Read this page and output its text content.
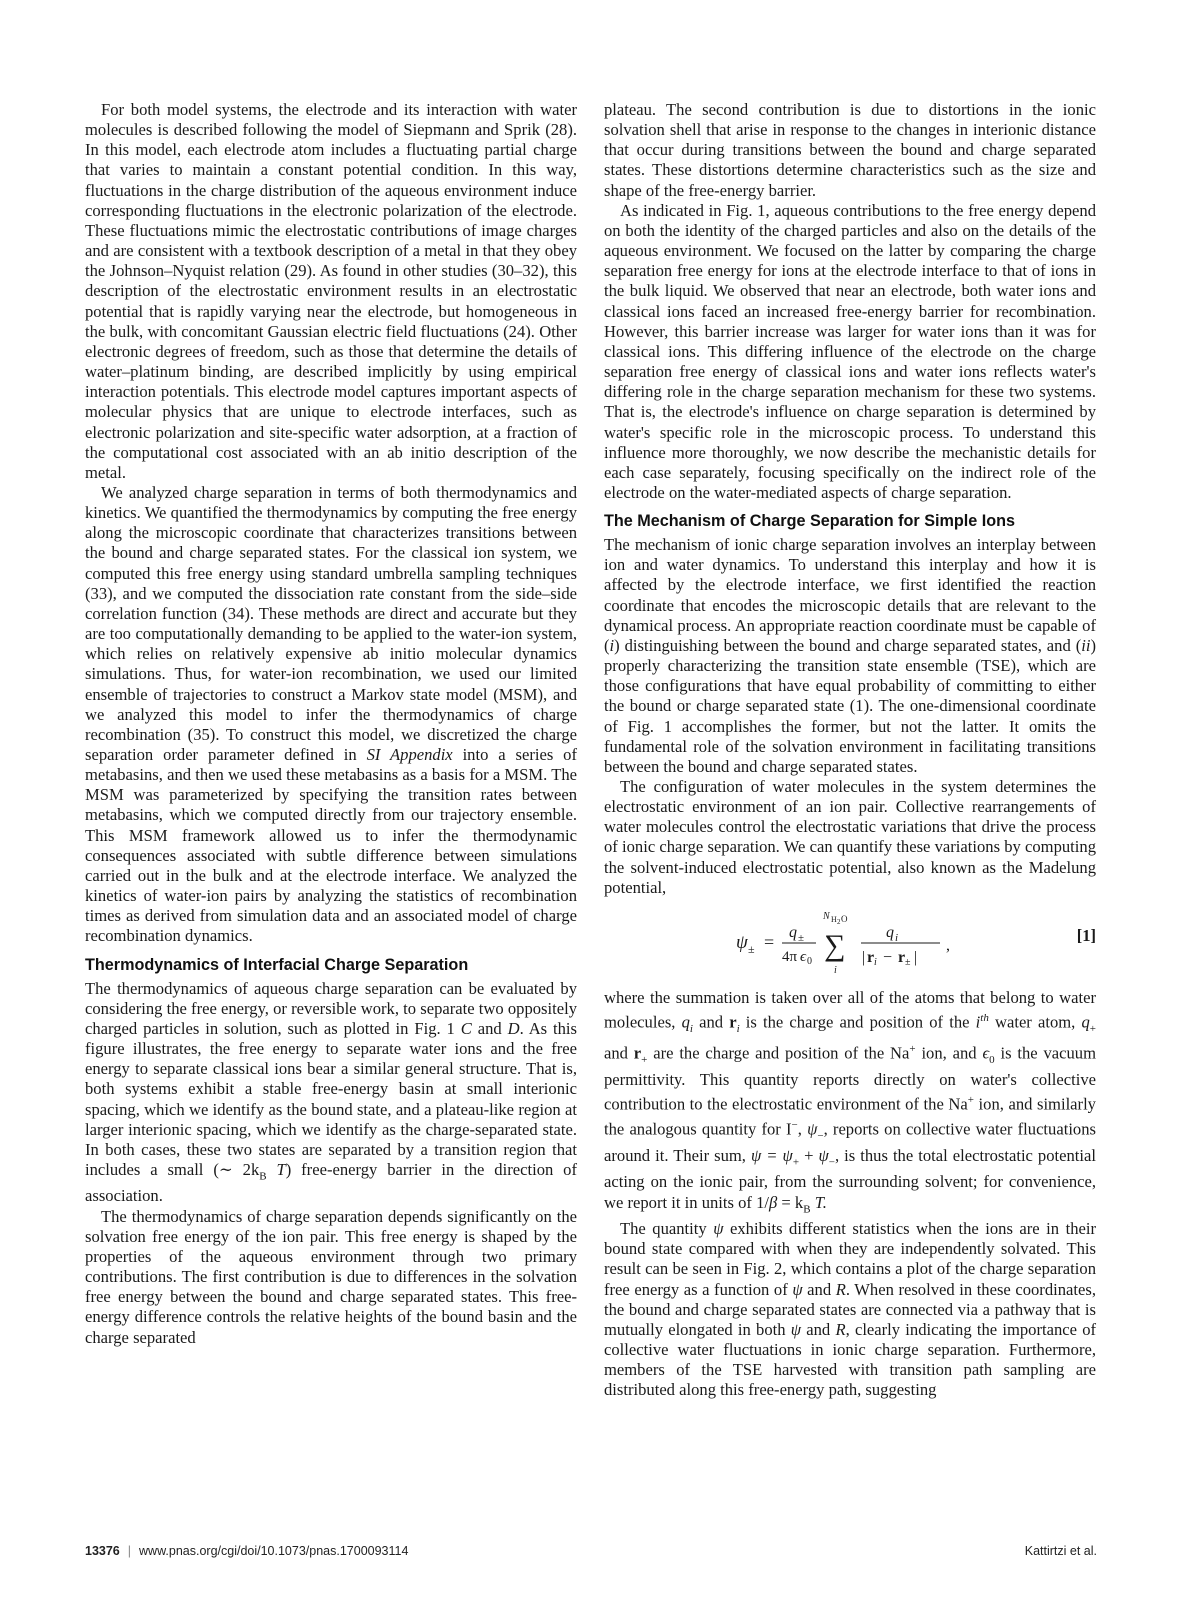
For both model systems, the electrode and its interaction with water molecules is described following the model of Siepmann and Sprik (28). In this model, each electrode atom includes a fluctuating partial charge that varies to maintain a constant potential condition. In this way, fluctuations in the charge distribution of the aqueous environment induce corresponding fluctuations in the electronic polarization of the electrode. These fluctuations mimic the electrostatic contributions of image charges and are consistent with a textbook description of a metal in that they obey the Johnson–Nyquist relation (29). As found in other studies (30–32), this description of the electrostatic environment results in an electrostatic potential that is rapidly varying near the electrode, but homogeneous in the bulk, with concomitant Gaussian electric field fluctuations (24). Other electronic degrees of freedom, such as those that determine the details of water–platinum binding, are described implicitly by using empirical interaction potentials. This electrode model captures important aspects of molecular physics that are unique to electrode interfaces, such as electronic polarization and site-specific water adsorption, at a fraction of the computational cost associated with an ab initio description of the metal.

We analyzed charge separation in terms of both thermodynamics and kinetics. We quantified the thermodynamics by computing the free energy along the microscopic coordinate that characterizes transitions between the bound and charge separated states. For the classical ion system, we computed this free energy using standard umbrella sampling techniques (33), and we computed the dissociation rate constant from the side–side correlation function (34). These methods are direct and accurate but they are too computationally demanding to be applied to the water-ion system, which relies on relatively expensive ab initio molecular dynamics simulations. Thus, for water-ion recombination, we used our limited ensemble of trajectories to construct a Markov state model (MSM), and we analyzed this model to infer the thermodynamics of charge recombination (35). To construct this model, we discretized the charge separation order parameter defined in SI Appendix into a series of metabasins, and then we used these metabasins as a basis for a MSM. The MSM was parameterized by specifying the transition rates between metabasins, which we computed directly from our trajectory ensemble. This MSM framework allowed us to infer the thermodynamic consequences associated with subtle difference between simulations carried out in the bulk and at the electrode interface. We analyzed the kinetics of water-ion pairs by analyzing the statistics of recombination times as derived from simulation data and an associated model of charge recombination dynamics.

Thermodynamics of Interfacial Charge Separation

The thermodynamics of aqueous charge separation can be evaluated by considering the free energy, or reversible work, to separate two oppositely charged particles in solution, such as plotted in Fig. 1 C and D. As this figure illustrates, the free energy to separate water ions and the free energy to separate classical ions bear a similar general structure. That is, both systems exhibit a stable free-energy basin at small interionic spacing, which we identify as the bound state, and a plateau-like region at larger interionic spacing, which we identify as the charge-separated state. In both cases, these two states are separated by a transition region that includes a small (∼ $2k_B$ T) free-energy barrier in the direction of association.

The thermodynamics of charge separation depends significantly on the solvation free energy of the ion pair. This free energy is shaped by the properties of the aqueous environment through two primary contributions. The first contribution is due to differences in the solvation free energy between the bound and charge separated states. This free-energy difference controls the relative heights of the bound basin and the charge separated

plateau. The second contribution is due to distortions in the ionic solvation shell that arise in response to the changes in interionic distance that occur during transitions between the bound and charge separated states. These distortions determine characteristics such as the size and shape of the free-energy barrier.

As indicated in Fig. 1, aqueous contributions to the free energy depend on both the identity of the charged particles and also on the details of the aqueous environment. We focused on the latter by comparing the charge separation free energy for ions at the electrode interface to that of ions in the bulk liquid. We observed that near an electrode, both water ions and classical ions faced an increased free-energy barrier for recombination. However, this barrier increase was larger for water ions than it was for classical ions. This differing influence of the electrode on the charge separation free energy of classical ions and water ions reflects water's differing role in the charge separation mechanism for these two systems. That is, the electrode's influence on charge separation is determined by water's specific role in the microscopic process. To understand this influence more thoroughly, we now describe the mechanistic details for each case separately, focusing specifically on the indirect role of the electrode on the water-mediated aspects of charge separation.

The Mechanism of Charge Separation for Simple Ions

The mechanism of ionic charge separation involves an interplay between ion and water dynamics. To understand this interplay and how it is affected by the electrode interface, we first identified the reaction coordinate that encodes the microscopic details that are relevant to the dynamical process. An appropriate reaction coordinate must be capable of (i) distinguishing between the bound and charge separated states, and (ii) properly characterizing the transition state ensemble (TSE), which are those configurations that have equal probability of committing to either the bound or charge separated state (1). The one-dimensional coordinate of Fig. 1 accomplishes the former, but not the latter. It omits the fundamental role of the solvation environment in facilitating transitions between the bound and charge separated states.

The configuration of water molecules in the system determines the electrostatic environment of an ion pair. Collective rearrangements of water molecules control the electrostatic variations that drive the process of ionic charge separation. We can quantify these variations by computing the solvent-induced electrostatic potential, also known as the Madelung potential,

ψ ± = q ±
4π ϵ 0
N H 2 O
∑
i
q i
| r i − r ± |
,
[1]

where the summation is taken over all of the atoms that belong to water molecules, $q_i$ and $r_i$ is the charge and position of the $i^{th}$ water atom, $q_+$ and $r_+$ are the charge and position of the Na+ ion, and $\epsilon_0$ is the vacuum permittivity. This quantity reports directly on water's collective contribution to the electrostatic environment of the Na+ ion, and similarly the analogous quantity for I−, $\psi_-$, reports on collective water fluctuations around it. Their sum, $\psi = \psi_+ + \psi_-$, is thus the total electrostatic potential acting on the ionic pair, from the surrounding solvent; for convenience, we report it in units of $1/\beta = k_B$ T.

The quantity ψ exhibits different statistics when the ions are in their bound state compared with when they are independently solvated. This result can be seen in Fig. 2, which contains a plot of the charge separation free energy as a function of ψ and R. When resolved in these coordinates, the bound and charge separated states are connected via a pathway that is mutually elongated in both ψ and R, clearly indicating the importance of collective water fluctuations in ionic charge separation. Furthermore, members of the TSE harvested with transition path sampling are distributed along this free-energy path, suggesting

13376 | www.pnas.org/cgi/doi/10.1073/pnas.1700093114	Kattirtzi et al.
